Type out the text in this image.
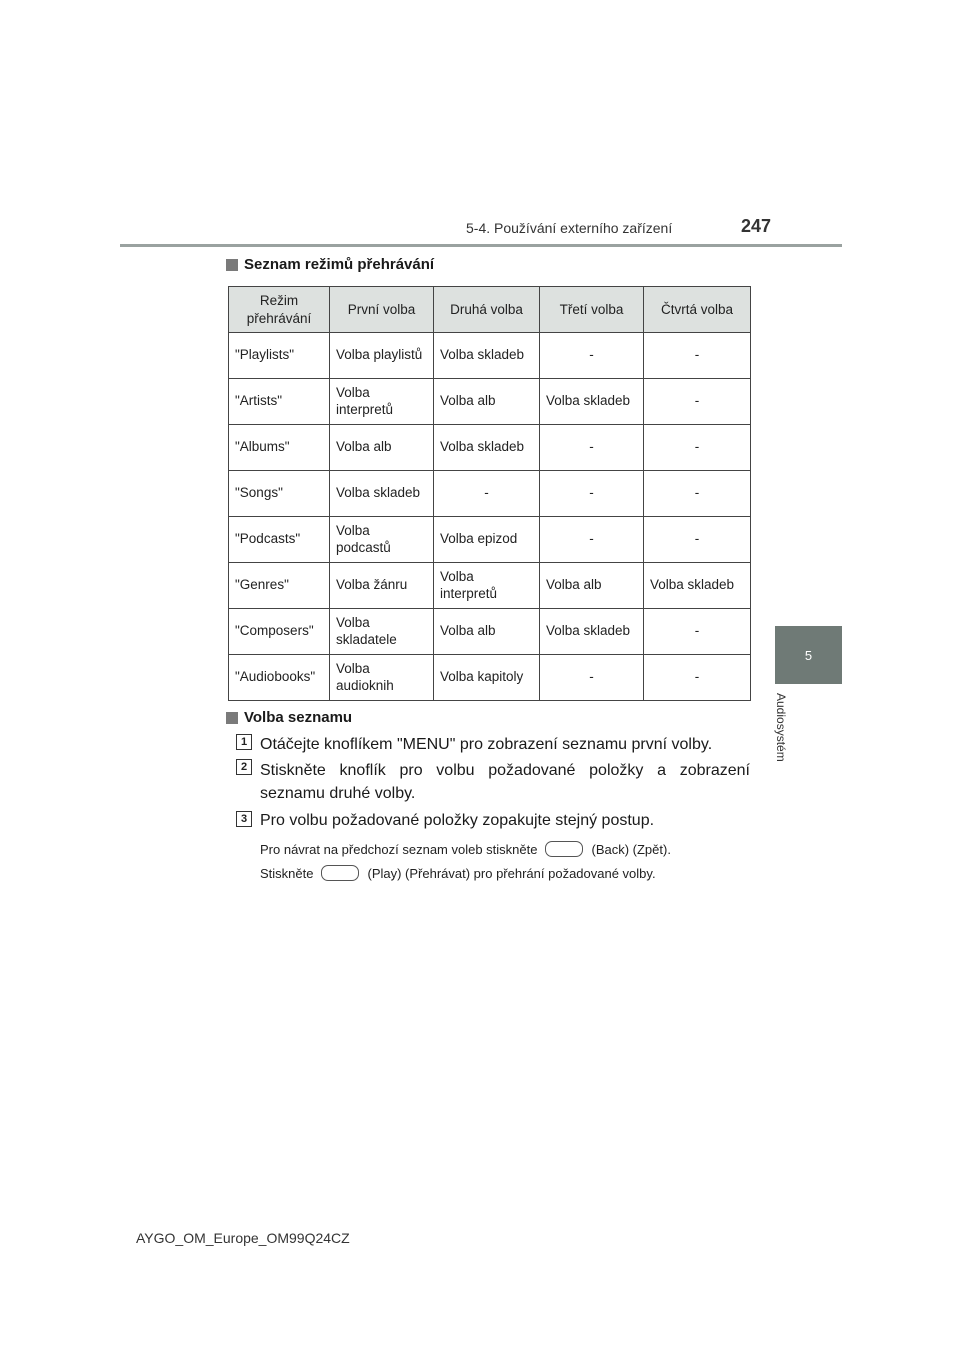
5-4. Používání externího zařízení	247
5
Audiosystém
Seznam režimů přehrávání
Režim přehrávání	První volba	Druhá volba	Třetí volba	Čtvrtá volba
"Playlists"	Volba playlistů	Volba skladeb	-	-
"Artists"	Volba interpretů	Volba alb	Volba skladeb	-
"Albums"	Volba alb	Volba skladeb	-	-
"Songs"	Volba skladeb	-	-	-
"Podcasts"	Volba podcastů	Volba epizod	-	-
"Genres"	Volba žánru	Volba interpretů	Volba alb	Volba skladeb
"Composers"	Volba skladatele	Volba alb	Volba skladeb	-
"Audiobooks"	Volba audioknih	Volba kapitoly	-	-
Volba seznamu
1 Otáčejte knoflíkem "MENU" pro zobrazení seznamu první volby.
2 Stiskněte knoflík pro volbu požadované položky a zobrazení seznamu druhé volby.
3 Pro volbu požadované položky zopakujte stejný postup.
Pro návrat na předchozí seznam voleb stiskněte	(Back) (Zpět).
Stiskněte	(Play) (Přehrávat) pro přehrání požadované volby.
AYGO_OM_Europe_OM99Q24CZ
